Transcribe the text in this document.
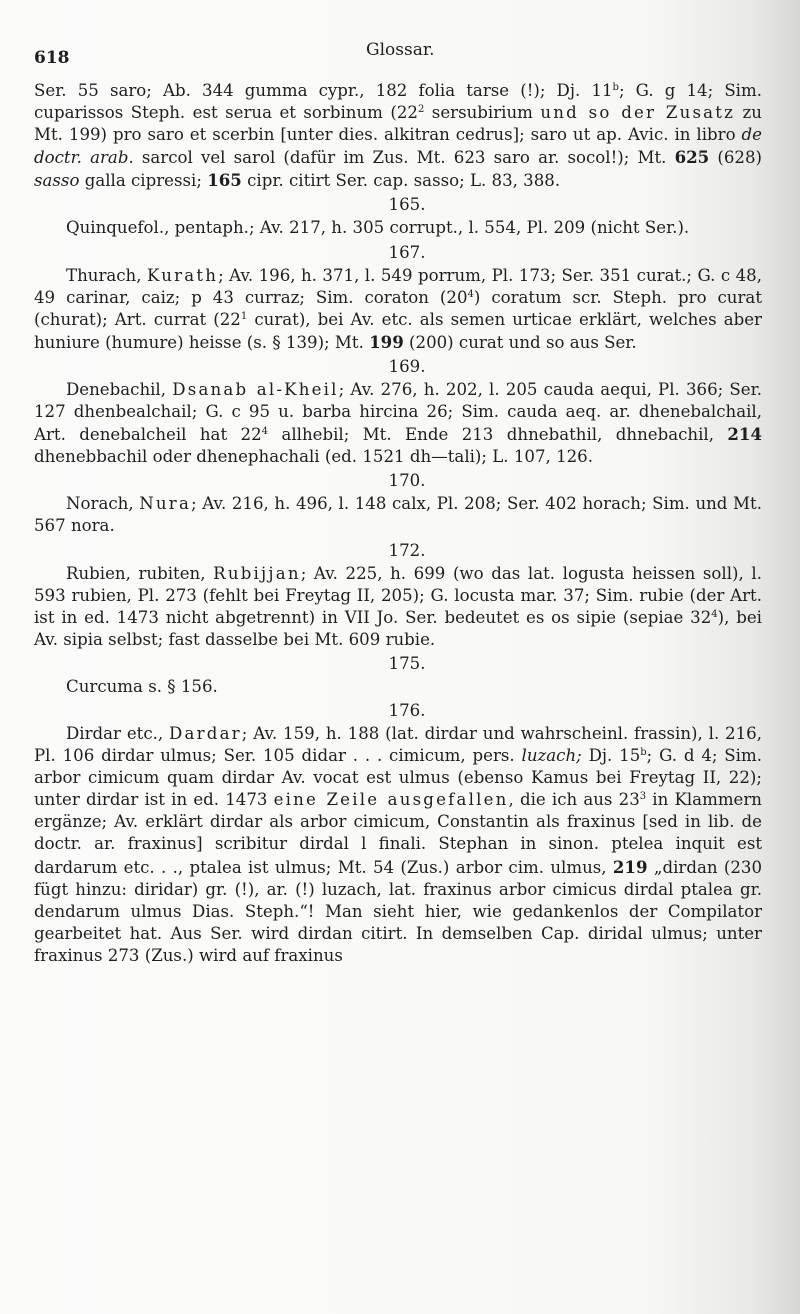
618	Glossar.

Ser. 55 saro; Ab. 344 gumma cypr., 182 folia tarse (!); Dj. 11$^b$; G. g 14; Sim. cuparissos Steph. est serua et sorbinum ($22^2$ sersubirium und so der Zusatz zu Mt. 199) pro saro et scerbin [unter dies. alkitran cedrus]; saro ut ap. Avic. in libro de doctr. arab. sarcol vel sarol (dafür im Zus. Mt. 623 saro ar. socol!); Mt. 625 (628) sasso galla cipressi; 165 cipr. citirt Ser. cap. sasso; L. 83, 388.

165.

Quinquefol., pentaph.; Av. 217, h. 305 corrupt., l. 554, Pl. 209 (nicht Ser.).

167.

Thurach, Kurath; Av. 196, h. 371, l. 549 porrum, Pl. 173; Ser. 351 curat.; G. c 48, 49 carinar, caiz; p 43 curraz; Sim. coraton $(20^4)$ coratum scr. Steph. pro curat (churat); Art. currat ($22^1$ curat), bei Av. etc. als semen urticae erklärt, welches aber huniure (humure) heisse (s. § 139); Mt. 199 (200) curat und so aus Ser.

169.

Denebachil, Dsanab al-Kheil; Av. 276, h. 202, l. 205 cauda aequi, Pl. 366; Ser. 127 dhenbealchail; G. c 95 u. barba hircina 26; Sim. cauda aeq. ar. dhenebalchail, Art. denebalcheil hat $22^4$ allhebil; Mt. Ende 213 dhnebathil, dhnebachil, 214 dhenebbachil oder dhenephachali (ed. 1521 dh—tali); L. 107, 126.

170.

Norach, Nura; Av. 216, h. 496, l. 148 calx, Pl. 208; Ser. 402 horach; Sim. und Mt. 567 nora.

172.

Rubien, rubiten, Rubijjan; Av. 225, h. 699 (wo das lat. logusta heissen soll), l. 593 rubien, Pl. 273 (fehlt bei Freytag II, 205); G. locusta mar. 37; Sim. rubie (der Art. ist in ed. 1473 nicht abgetrennt) in VII Jo. Ser. bedeutet es os sipie (sepiae $32^4$), bei Av. sipia selbst; fast dasselbe bei Mt. 609 rubie.

175.

Curcuma s. § 156.

176.

Dirdar etc., Dardar; Av. 159, h. 188 (lat. dirdar und wahrscheinl. frassin), l. 216, Pl. 106 dirdar ulmus; Ser. 105 didar . . . cimicum, pers. luzach; Dj. 15$^b$; G. d 4; Sim. arbor cimicum quam dirdar Av. vocat est ulmus (ebenso Kamus bei Freytag II, 22); unter dirdar ist in ed. 1473 eine Zeile ausgefallen, die ich aus $23^3$ in Klammern ergänze; Av. erklärt dirdar als arbor cimicum, Constantin als fraxinus [sed in lib. de doctr. ar. fraxinus] scribitur dirdal l finali. Stephan in sinon. ptelea inquit est dardarum etc. . ., ptalea ist ulmus; Mt. 54 (Zus.) arbor cim. ulmus, 219 „dirdan (230 fügt hinzu: diridar) gr. (!), ar. (!) luzach, lat. fraxinus arbor cimicus dirdal ptalea gr. dendarum ulmus Dias. Steph.“! Man sieht hier, wie gedankenlos der Compilator gearbeitet hat. Aus Ser. wird dirdan citirt. In demselben Cap. diridal ulmus; unter fraxinus 273 (Zus.) wird auf fraxinus
